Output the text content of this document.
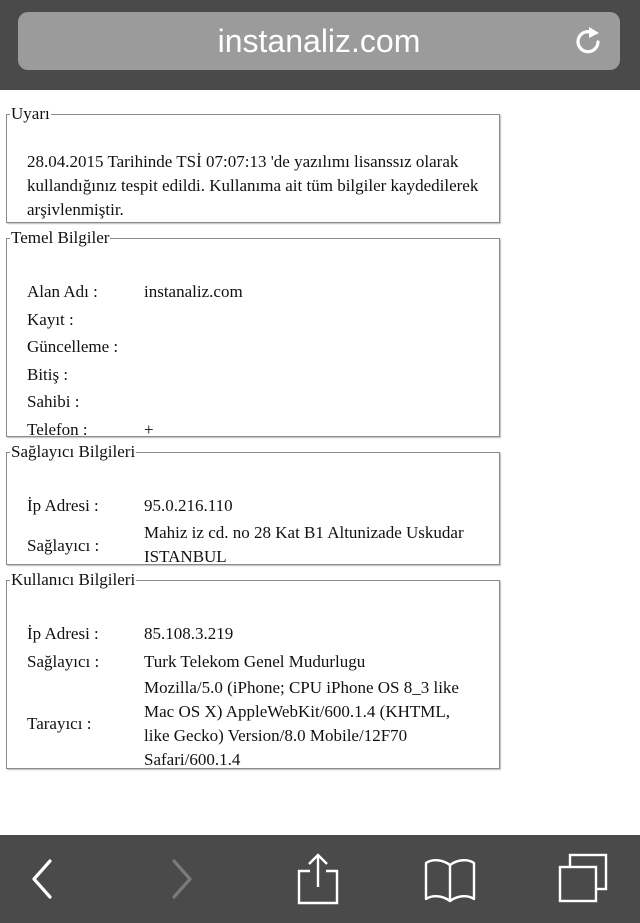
instanaliz.com
Uyarı
28.04.2015 Tarihinde TSİ 07:07:13 'de yazılımı lisanssız olarak kullandığınız tespit edildi. Kullanıma ait tüm bilgiler kaydedilerek arşivlenmiştir.
Temel Bilgiler
Alan Adı :	instanaliz.com
Kayıt :
Güncelleme :
Bitiş :
Sahibi :
Telefon :	+
Sağlayıcı Bilgileri
İp Adresi :	95.0.216.110
Sağlayıcı :
Mahiz iz cd. no 28 Kat B1 Altunizade Uskudar ISTANBUL
Kullanıcı Bilgileri
İp Adresi :	85.108.3.219
Sağlayıcı :	Turk Telekom Genel Mudurlugu
Tarayıcı :
Mozilla/5.0 (iPhone; CPU iPhone OS 8_3 like Mac OS X) AppleWebKit/600.1.4 (KHTML, like Gecko) Version/8.0 Mobile/12F70 Safari/600.1.4
